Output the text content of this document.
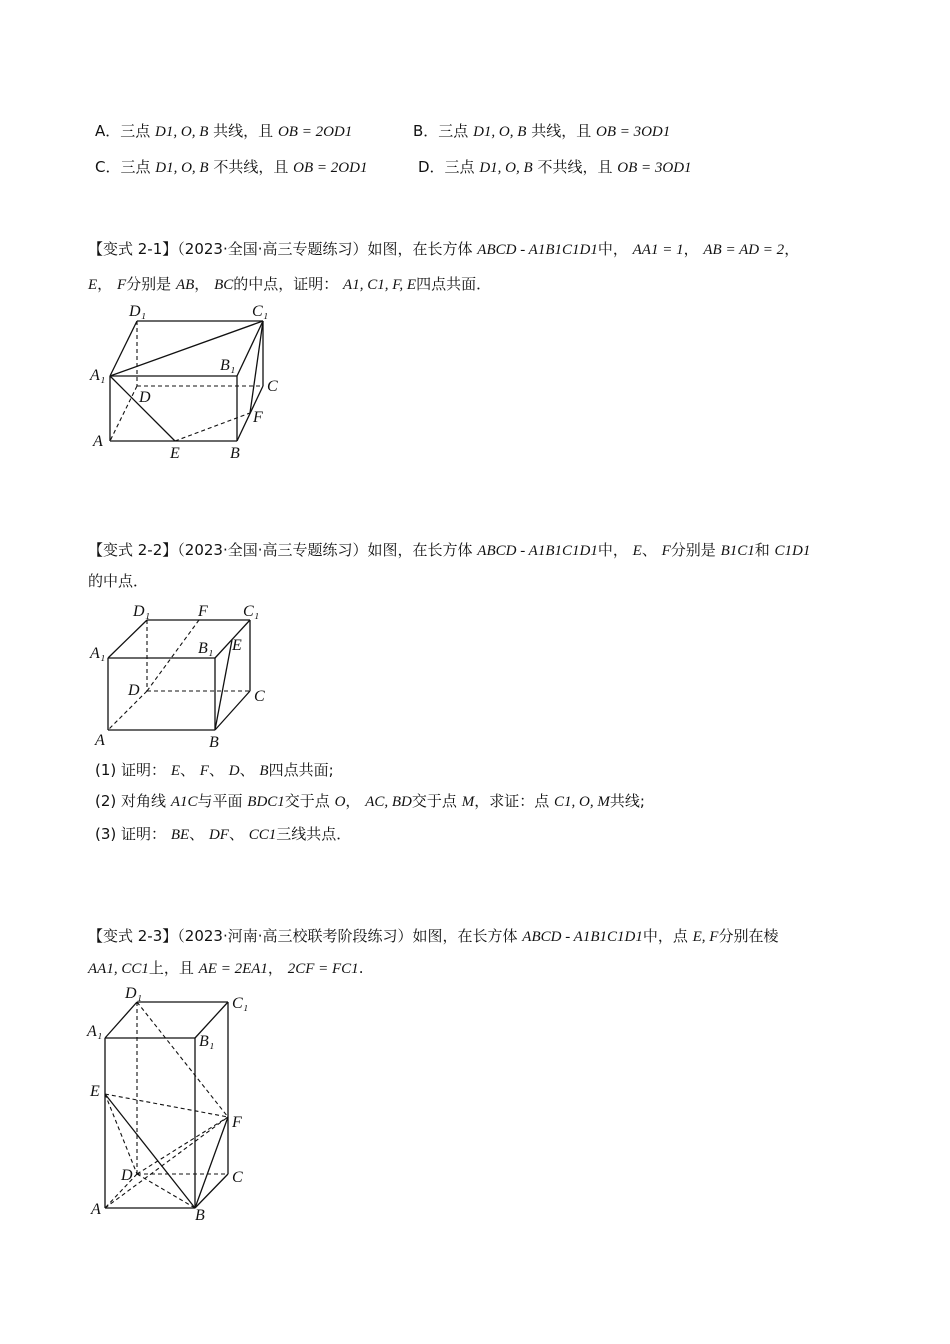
A．三点 D1, O, B 共线，且 OB = 2OD1	B．三点 D1, O, B 共线，且 OB = 3OD1
C．三点 D1, O, B 不共线，且 OB = 2OD1	D．三点 D1, O, B 不共线，且 OB = 3OD1
【变式 2-1】（2023·全国·高三专题练习）如图，在长方体 ABCD - A1B1C1D1中， AA1 = 1， AB = AD = 2，
E， F分别是 AB， BC的中点，证明： A1, C1, F, E四点共面．
D₁	C₁
A₁
B₁
C
D
F
A
E	B
【变式 2-2】（2023·全国·高三专题练习）如图，在长方体 ABCD - A1B1C1D1中， E、 F分别是 B1C1和 C1D1
的中点．
D₁	F C₁
A₁	B₁ E
D	C
A	B
(1) 证明： E、 F、 D、 B四点共面;
(2) 对角线 A1C与平面 BDC1交于点 O， AC, BD交于点 M，求证：点 C1, O, M共线;
(3) 证明： BE、 DF、 CC1三线共点．
【变式 2-3】（2023·河南·高三校联考阶段练习）如图，在长方体 ABCD - A1B1C1D1中，点 E, F分别在棱
AA1, CC1上，且 AE = 2EA1， 2CF = FC1.
D₁
C₁
A₁
B₁
E
F
D	C
A	B
